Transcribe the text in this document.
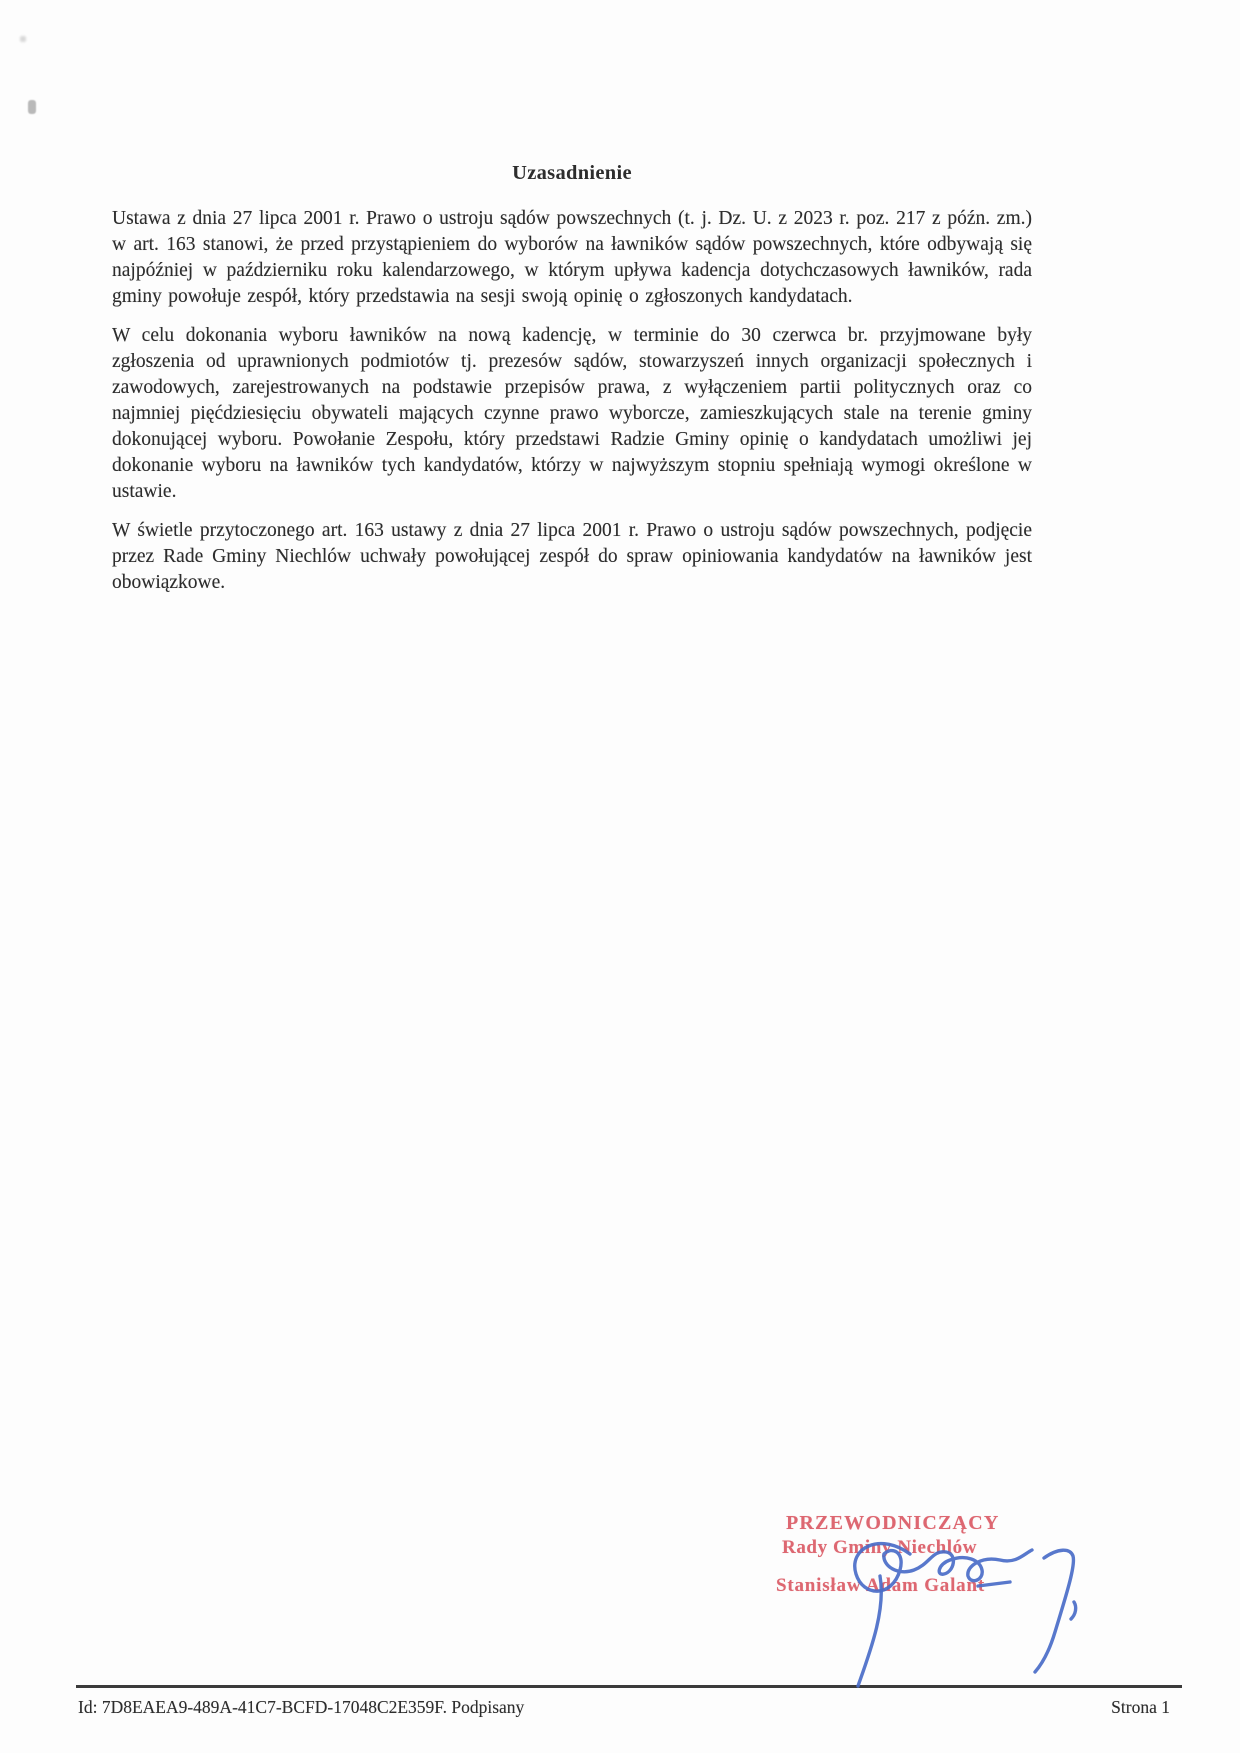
Uzasadnienie

Ustawa z dnia 27 lipca 2001 r. Prawo o ustroju sądów powszechnych (t. j. Dz. U. z 2023 r. poz. 217 z późn. zm.) w art. 163 stanowi, że przed przystąpieniem do wyborów na ławników sądów powszechnych, które odbywają się najpóźniej w październiku roku kalendarzowego, w którym upływa kadencja dotychczasowych ławników, rada gminy powołuje zespół, który przedstawia na sesji swoją opinię o zgłoszonych kandydatach.

W celu dokonania wyboru ławników na nową kadencję, w terminie do 30 czerwca br. przyjmowane były zgłoszenia od uprawnionych podmiotów tj. prezesów sądów, stowarzyszeń innych organizacji społecznych i zawodowych, zarejestrowanych na podstawie przepisów prawa, z wyłączeniem partii politycznych oraz co najmniej pięćdziesięciu obywateli mających czynne prawo wyborcze, zamieszkujących stale na terenie gminy dokonującej wyboru. Powołanie Zespołu, który przedstawi Radzie Gminy opinię o kandydatach umożliwi jej dokonanie wyboru na ławników tych kandydatów, którzy w najwyższym stopniu spełniają wymogi określone w ustawie.

W świetle przytoczonego art. 163 ustawy z dnia 27 lipca 2001 r. Prawo o ustroju sądów powszechnych, podjęcie przez Rade Gminy Niechlów uchwały powołującej zespół do spraw opiniowania kandydatów na ławników jest obowiązkowe.

PRZEWODNICZĄCY
Rady Gminy Niechlów
Stanisław Adam Galant
Id: 7D8EAEA9-489A-41C7-BCFD-17048C2E359F. Podpisany	Strona 1
